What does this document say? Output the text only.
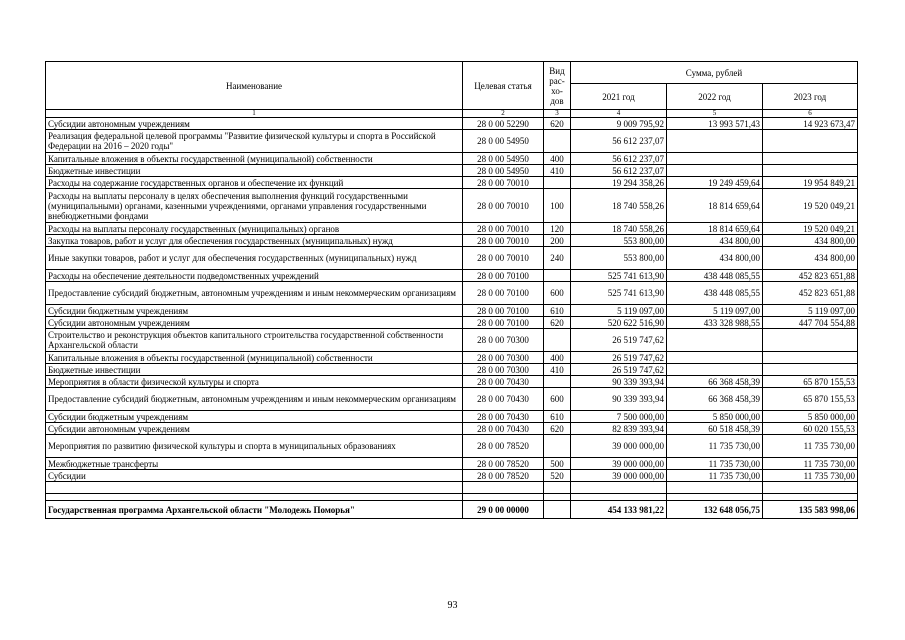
Наименование	Целевая статья	Вид
рас-
хо-
дов	Сумма, рублей		
			2021 год	2022 год	2023 год
1	2	3	4	5	6
Субсидии автономным учреждениям	28 0 00 52290	620	9 009 795,92	13 993 571,43	14 923 673,47
Реализация федеральной целевой программы "Развитие физической культуры и спорта в Российской Федерации на 2016 – 2020 годы"	28 0 00 54950		56 612 237,07		
Капитальные вложения в объекты государственной (муниципальной) собственности	28 0 00 54950	400	56 612 237,07		
Бюджетные инвестиции	28 0 00 54950	410	56 612 237,07		
Расходы на содержание государственных органов и обеспечение их функций	28 0 00 70010		19 294 358,26	19 249 459,64	19 954 849,21
Расходы на выплаты персоналу в целях обеспечения выполнения функций государственными (муниципальными) органами, казенными учреждениями, органами управления государственными внебюджетными фондами	28 0 00 70010	100	18 740 558,26	18 814 659,64	19 520 049,21
Расходы на выплаты персоналу государственных (муниципальных) органов	28 0 00 70010	120	18 740 558,26	18 814 659,64	19 520 049,21
Закупка товаров, работ и услуг для обеспечения государственных (муниципальных) нужд	28 0 00 70010	200	553 800,00	434 800,00	434 800,00
Иные закупки товаров, работ и услуг для обеспечения государственных (муниципальных) нужд	28 0 00 70010	240	553 800,00	434 800,00	434 800,00
Расходы на обеспечение деятельности подведомственных учреждений	28 0 00 70100		525 741 613,90	438 448 085,55	452 823 651,88
Предоставление субсидий бюджетным, автономным учреждениям и иным некоммерческим организациям	28 0 00 70100	600	525 741 613,90	438 448 085,55	452 823 651,88
Субсидии бюджетным учреждениям	28 0 00 70100	610	5 119 097,00	5 119 097,00	5 119 097,00
Субсидии автономным учреждениям	28 0 00 70100	620	520 622 516,90	433 328 988,55	447 704 554,88
Строительство и реконструкция объектов капитального строительства государственной собственности Архангельской области	28 0 00 70300		26 519 747,62		
Капитальные вложения в объекты государственной (муниципальной) собственности	28 0 00 70300	400	26 519 747,62		
Бюджетные инвестиции	28 0 00 70300	410	26 519 747,62		
Мероприятия в области физической культуры и спорта	28 0 00 70430		90 339 393,94	66 368 458,39	65 870 155,53
Предоставление субсидий бюджетным, автономным учреждениям и иным некоммерческим организациям	28 0 00 70430	600	90 339 393,94	66 368 458,39	65 870 155,53
Субсидии бюджетным учреждениям	28 0 00 70430	610	7 500 000,00	5 850 000,00	5 850 000,00
Субсидии автономным учреждениям	28 0 00 70430	620	82 839 393,94	60 518 458,39	60 020 155,53
Мероприятия по развитию физической культуры и спорта в муниципальных образованиях	28 0 00 78520		39 000 000,00	11 735 730,00	11 735 730,00
Межбюджетные трансферты	28 0 00 78520	500	39 000 000,00	11 735 730,00	11 735 730,00
Субсидии	28 0 00 78520	520	39 000 000,00	11 735 730,00	11 735 730,00

Государственная программа Архангельской области "Молодежь Поморья"	29 0 00 00000		454 133 981,22	132 648 056,75	135 583 998,06
93
